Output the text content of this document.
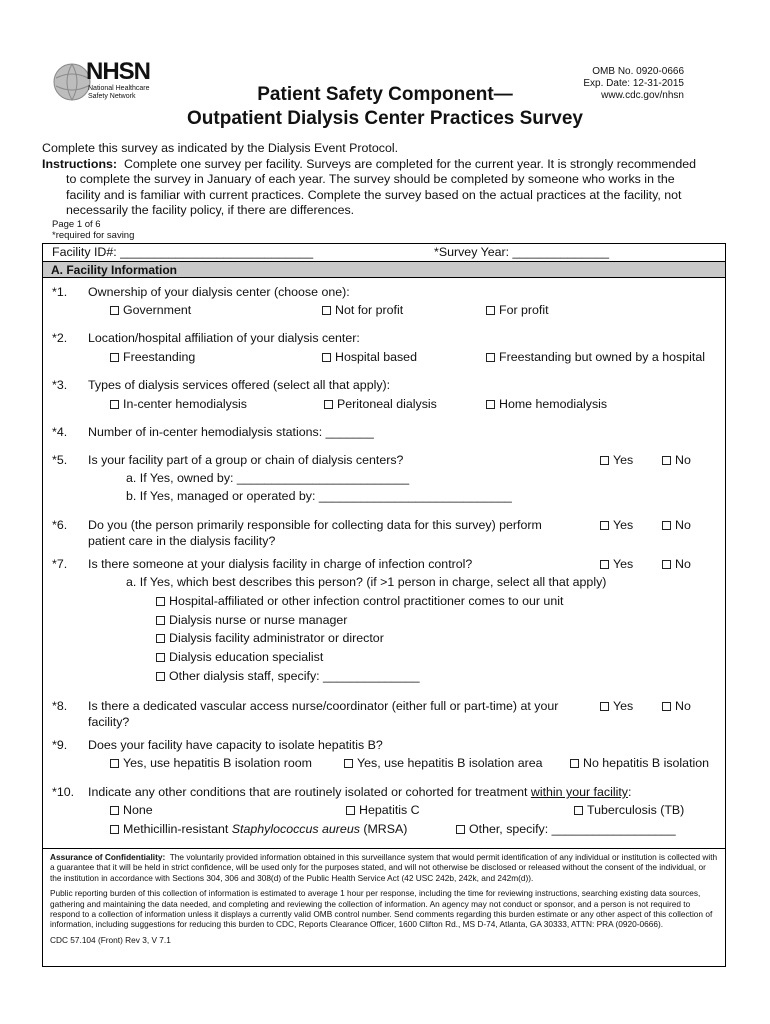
NHSN
National Healthcare
Safety Network
OMB No. 0920-0666
Exp. Date: 12-31-2015
www.cdc.gov/nhsn
Patient Safety Component—
Outpatient Dialysis Center Practices Survey
Complete this survey as indicated by the Dialysis Event Protocol.
Instructions: Complete one survey per facility. Surveys are completed for the current year. It is strongly recommended
to complete the survey in January of each year. The survey should be completed by someone who works in the
facility and is familiar with current practices. Complete the survey based on the actual practices at the facility, not
necessarily the facility policy, if there are differences.
Page 1 of 6
*required for saving
Facility ID#: ____________________________	*Survey Year: ______________
A. Facility Information
*1. Ownership of your dialysis center (choose one):
Government	Not for profit	For profit
*2. Location/hospital affiliation of your dialysis center:
Freestanding	Hospital based	Freestanding but owned by a hospital
*3. Types of dialysis services offered (select all that apply):
In-center hemodialysis	Peritoneal dialysis	Home hemodialysis
*4. Number of in-center hemodialysis stations: _______
*5. Is your facility part of a group or chain of dialysis centers?	Yes	No
a. If Yes, owned by: _________________________
b. If Yes, managed or operated by: ____________________________
*6. Do you (the person primarily responsible for collecting data for this survey) perform
patient care in the dialysis facility?
Yes	No
*7. Is there someone at your dialysis facility in charge of infection control?	Yes	No
a. If Yes, which best describes this person? (if >1 person in charge, select all that apply)
Hospital-affiliated or other infection control practitioner comes to our unit
Dialysis nurse or nurse manager
Dialysis facility administrator or director
Dialysis education specialist
Other dialysis staff, specify: ______________
*8. Is there a dedicated vascular access nurse/coordinator (either full or part-time) at your
facility?
Yes	No
*9. Does your facility have capacity to isolate hepatitis B?
Yes, use hepatitis B isolation room	Yes, use hepatitis B isolation area	No hepatitis B isolation
*10. Indicate any other conditions that are routinely isolated or cohorted for treatment within your facility:
None	Hepatitis C	Tuberculosis (TB)
Methicillin-resistant Staphylococcus aureus (MRSA)	Other, specify: __________________

Assurance of Confidentiality: The voluntarily provided information obtained in this surveillance system that would permit identification of any individual or institution is collected with a guarantee that it will be held in strict confidence, will be used only for the purposes stated, and will not otherwise be disclosed or released without the consent of the individual, or the institution in accordance with Sections 304, 306 and 308(d) of the Public Health Service Act (42 USC 242b, 242k, and 242m(d)).

Public reporting burden of this collection of information is estimated to average 1 hour per response, including the time for reviewing instructions, searching existing data sources, gathering and maintaining the data needed, and completing and reviewing the collection of information. An agency may not conduct or sponsor, and a person is not required to respond to a collection of information unless it displays a currently valid OMB control number. Send comments regarding this burden estimate or any other aspect of this collection of information, including suggestions for reducing this burden to CDC, Reports Clearance Officer, 1600 Clifton Rd., MS D-74, Atlanta, GA 30333, ATTN: PRA (0920-0666).

CDC 57.104 (Front) Rev 3, V 7.1
